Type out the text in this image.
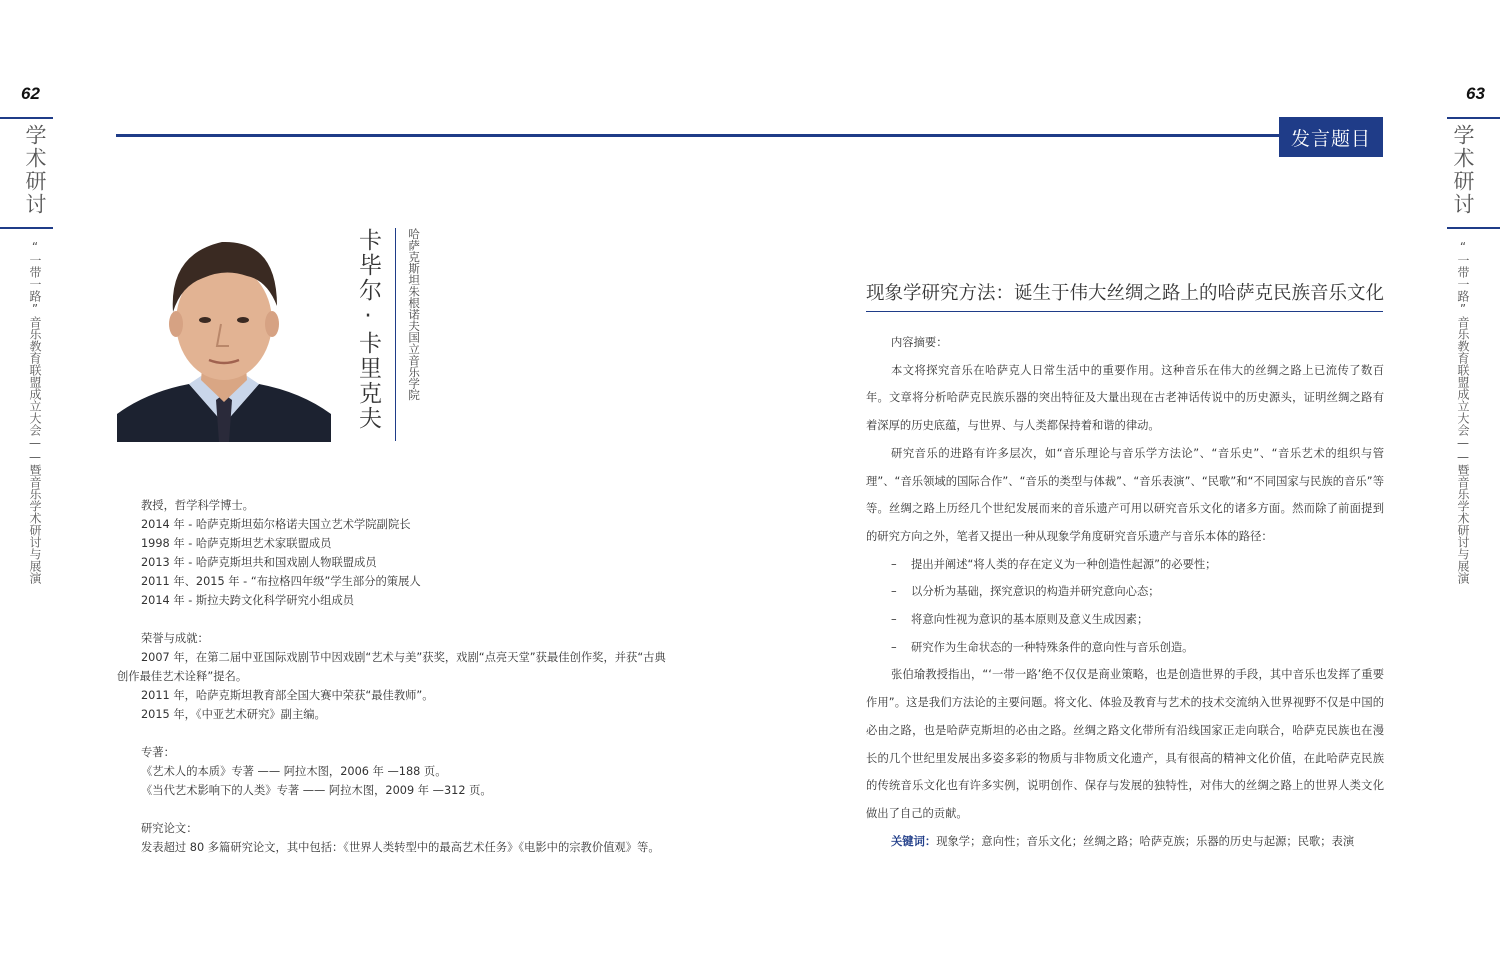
62
学术研讨
“一带一路”音乐教育联盟成立大会——暨音乐学术研讨与展演
63
学术研讨
“一带一路”音乐教育联盟成立大会——暨音乐学术研讨与展演
发言题目
卡毕尔·卡里克夫	哈萨克斯坦朱根诺夫国立音乐学院

教授，哲学科学博士。

2014 年 - 哈萨克斯坦茹尔格诺夫国立艺术学院副院长

1998 年 - 哈萨克斯坦艺术家联盟成员

2013 年 - 哈萨克斯坦共和国戏剧人物联盟成员

2011 年、2015 年 - “布拉格四年级”学生部分的策展人

2014 年 - 斯拉夫跨文化科学研究小组成员

荣誉与成就：

2007 年，在第二届中亚国际戏剧节中因戏剧“艺术与美”获奖，戏剧“点亮天堂”获最佳创作奖，并获“古典创作最佳艺术诠释”提名。

2011 年，哈萨克斯坦教育部全国大赛中荣获“最佳教师”。

2015 年，《中亚艺术研究》副主编。

专著：

《艺术人的本质》专著 —— 阿拉木图，2006 年 —188 页。

《当代艺术影响下的人类》专著 —— 阿拉木图，2009 年 —312 页。

研究论文：

发表超过 80 多篇研究论文，其中包括：《世界人类转型中的最高艺术任务》《电影中的宗教价值观》等。

现象学研究方法：诞生于伟大丝绸之路上的哈萨克民族音乐文化

内容摘要：

本文将探究音乐在哈萨克人日常生活中的重要作用。这种音乐在伟大的丝绸之路上已流传了数百年。文章将分析哈萨克民族乐器的突出特征及大量出现在古老神话传说中的历史源头，证明丝绸之路有着深厚的历史底蕴，与世界、与人类都保持着和谐的律动。

研究音乐的进路有许多层次，如“音乐理论与音乐学方法论”、“音乐史”、“音乐艺术的组织与管理”、“音乐领域的国际合作”、“音乐的类型与体裁”、“音乐表演”、“民歌”和“不同国家与民族的音乐”等等。丝绸之路上历经几个世纪发展而来的音乐遗产可用以研究音乐文化的诸多方面。然而除了前面提到的研究方向之外，笔者又提出一种从现象学角度研究音乐遗产与音乐本体的路径：

– 提出并阐述“将人类的存在定义为一种创造性起源”的必要性；

– 以分析为基础，探究意识的构造并研究意向心态；

– 将意向性视为意识的基本原则及意义生成因素；

– 研究作为生命状态的一种特殊条件的意向性与音乐创造。

张伯瑜教授指出，“‘一带一路’绝不仅仅是商业策略，也是创造世界的手段，其中音乐也发挥了重要作用”。这是我们方法论的主要问题。将文化、体验及教育与艺术的技术交流纳入世界视野不仅是中国的必由之路，也是哈萨克斯坦的必由之路。丝绸之路文化带所有沿线国家正走向联合，哈萨克民族也在漫长的几个世纪里发展出多姿多彩的物质与非物质文化遗产，具有很高的精神文化价值，在此哈萨克民族的传统音乐文化也有许多实例，说明创作、保存与发展的独特性，对伟大的丝绸之路上的世界人类文化做出了自己的贡献。

关键词：现象学；意向性；音乐文化；丝绸之路；哈萨克族；乐器的历史与起源；民歌；表演
